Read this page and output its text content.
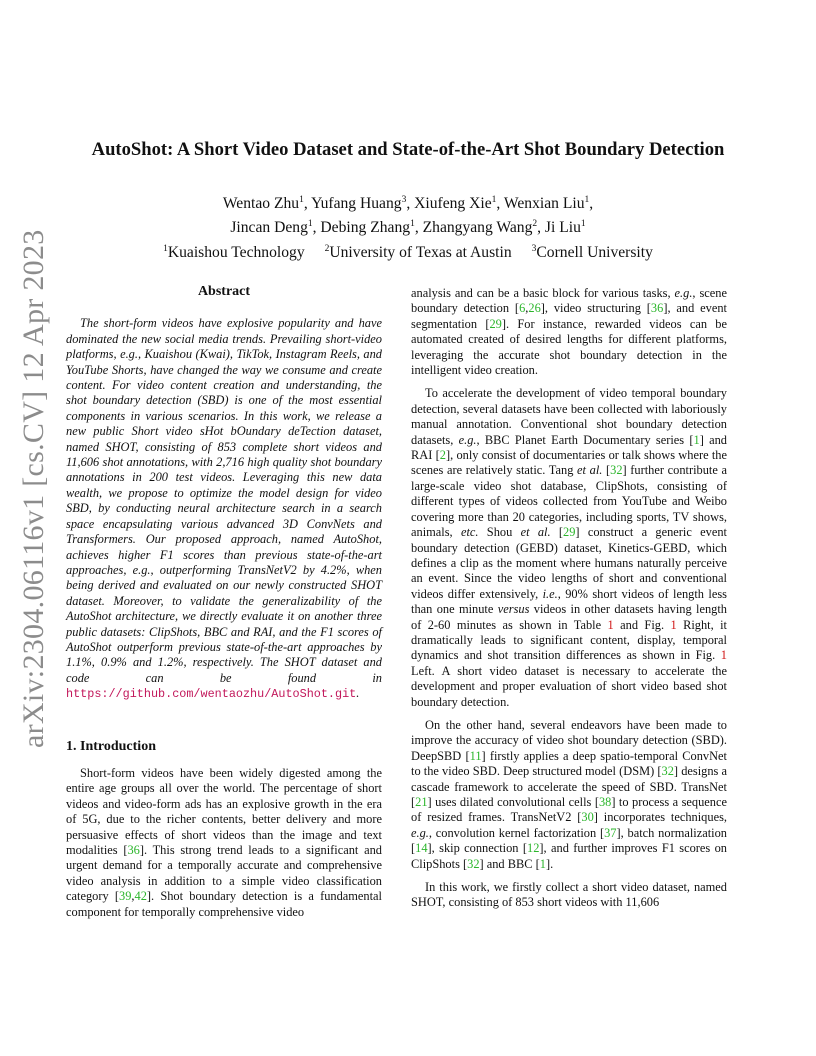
AutoShot: A Short Video Dataset and State-of-the-Art Shot Boundary Detection
Wentao Zhu$^1$, Yufang Huang$^3$, Xiufeng Xie$^1$, Wenxian Liu$^1$,
Jincan Deng$^1$, Debing Zhang$^1$, Zhangyang Wang$^2$, Ji Liu$^1$
$^1$Kuaishou Technology $^2$University of Texas at Austin $^3$Cornell University
arXiv:2304.06116v1 [cs.CV] 12 Apr 2023	Abstract

The short-form videos have explosive popularity and have dominated the new social media trends. Prevailing short-video platforms, e.g., Kuaishou (Kwai), TikTok, Instagram Reels, and YouTube Shorts, have changed the way we consume and create content. For video content creation and understanding, the shot boundary detection (SBD) is one of the most essential components in various scenarios. In this work, we release a new public Short video sHot bOundary deTection dataset, named SHOT, consisting of 853 complete short videos and 11,606 shot annotations, with 2,716 high quality shot boundary annotations in 200 test videos. Leveraging this new data wealth, we propose to optimize the model design for video SBD, by conducting neural architecture search in a search space encapsulating various advanced 3D ConvNets and Transformers. Our proposed approach, named AutoShot, achieves higher F1 scores than previous state-of-the-art approaches, e.g., outperforming TransNetV2 by 4.2%, when being derived and evaluated on our newly constructed SHOT dataset. Moreover, to validate the generalizability of the AutoShot architecture, we directly evaluate it on another three public datasets: ClipShots, BBC and RAI, and the F1 scores of AutoShot outperform previous state-of-the-art approaches by 1.1%, 0.9% and 1.2%, respectively. The SHOT dataset and code can be found in https://github.com/wentaozhu/AutoShot.git.

1. Introduction

Short-form videos have been widely digested among the entire age groups all over the world. The percentage of short videos and video-form ads has an explosive growth in the era of 5G, due to the richer contents, better delivery and more persuasive effects of short videos than the image and text modalities [36]. This strong trend leads to a significant and urgent demand for a temporally accurate and comprehensive video analysis in addition to a simple video classification category [39,42]. Shot boundary detection is a fundamental component for temporally comprehensive video

analysis and can be a basic block for various tasks, e.g., scene boundary detection [6,26], video structuring [36], and event segmentation [29]. For instance, rewarded videos can be automated created of desired lengths for different platforms, leveraging the accurate shot boundary detection in the intelligent video creation.

To accelerate the development of video temporal boundary detection, several datasets have been collected with laboriously manual annotation. Conventional shot boundary detection datasets, e.g., BBC Planet Earth Documentary series [1] and RAI [2], only consist of documentaries or talk shows where the scenes are relatively static. Tang et al. [32] further contribute a large-scale video shot database, ClipShots, consisting of different types of videos collected from YouTube and Weibo covering more than 20 categories, including sports, TV shows, animals, etc. Shou et al. [29] construct a generic event boundary detection (GEBD) dataset, Kinetics-GEBD, which defines a clip as the moment where humans naturally perceive an event. Since the video lengths of short and conventional videos differ extensively, i.e., 90% short videos of length less than one minute versus videos in other datasets having length of 2-60 minutes as shown in Table 1 and Fig. 1 Right, it dramatically leads to significant content, display, temporal dynamics and shot transition differences as shown in Fig. 1 Left. A short video dataset is necessary to accelerate the development and proper evaluation of short video based shot boundary detection.

On the other hand, several endeavors have been made to improve the accuracy of video shot boundary detection (SBD). DeepSBD [11] firstly applies a deep spatio-temporal ConvNet to the video SBD. Deep structured model (DSM) [32] designs a cascade framework to accelerate the speed of SBD. TransNet [21] uses dilated convolutional cells [38] to process a sequence of resized frames. TransNetV2 [30] incorporates techniques, e.g., convolution kernel factorization [37], batch normalization [14], skip connection [12], and further improves F1 scores on ClipShots [32] and BBC [1].

In this work, we firstly collect a short video dataset, named SHOT, consisting of 853 short videos with 11,606
